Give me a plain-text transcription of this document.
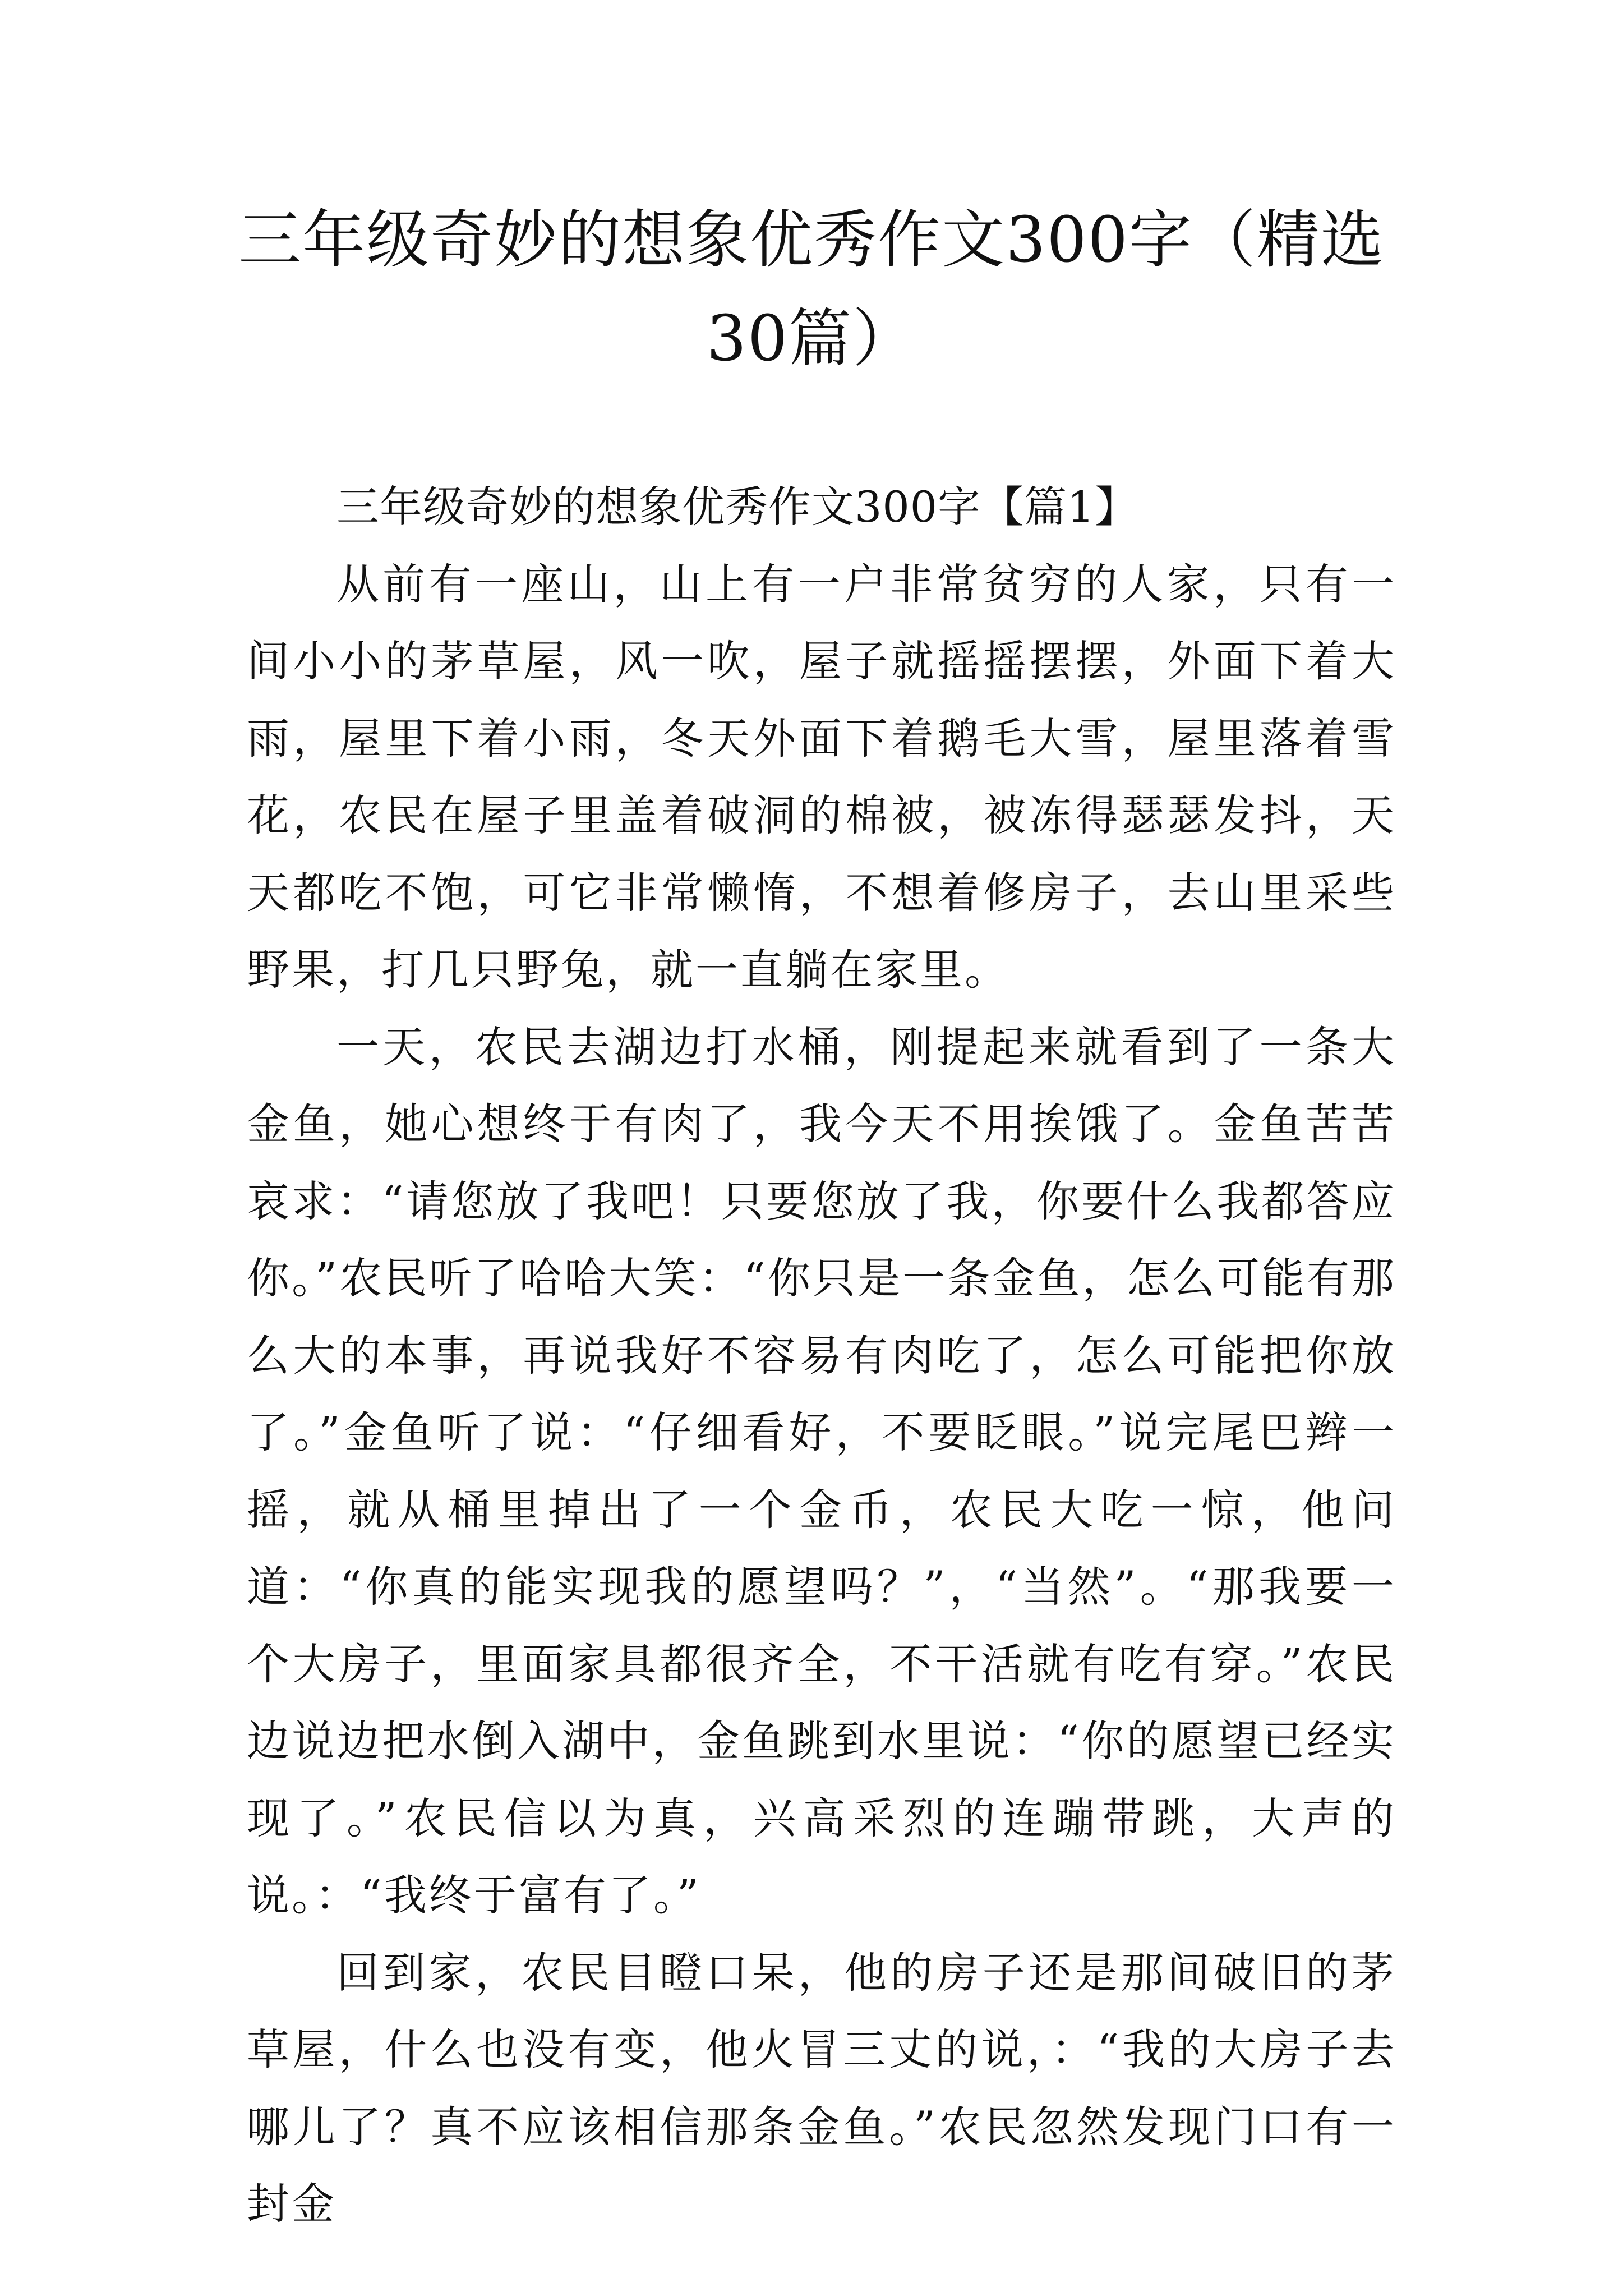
三年级奇妙的想象优秀作文300字（精选30篇）

三年级奇妙的想象优秀作文300字【篇1】

从前有一座山，山上有一户非常贫穷的人家，只有一间小小的茅草屋，风一吹，屋子就摇摇摆摆，外面下着大雨，屋里下着小雨，冬天外面下着鹅毛大雪，屋里落着雪花，农民在屋子里盖着破洞的棉被，被冻得瑟瑟发抖，天天都吃不饱，可它非常懒惰，不想着修房子，去山里采些野果，打几只野兔，就一直躺在家里。

一天，农民去湖边打水桶，刚提起来就看到了一条大金鱼，她心想终于有肉了，我今天不用挨饿了。金鱼苦苦哀求：“请您放了我吧！只要您放了我，你要什么我都答应你。”农民听了哈哈大笑：“你只是一条金鱼，怎么可能有那么大的本事，再说我好不容易有肉吃了，怎么可能把你放了。”金鱼听了说：“仔细看好，不要眨眼。”说完尾巴辫一摇，就从桶里掉出了一个金币，农民大吃一惊，他问道：“你真的能实现我的愿望吗？”，“当然”。“那我要一个大房子，里面家具都很齐全，不干活就有吃有穿。”农民边说边把水倒入湖中，金鱼跳到水里说：“你的愿望已经实现了。”农民信以为真，兴高采烈的连蹦带跳，大声的说。：“我终于富有了。”

回到家，农民目瞪口呆，他的房子还是那间破旧的茅草屋，什么也没有变，他火冒三丈的说，：“我的大房子去哪儿了？真不应该相信那条金鱼。”农民忽然发现门口有一封金
